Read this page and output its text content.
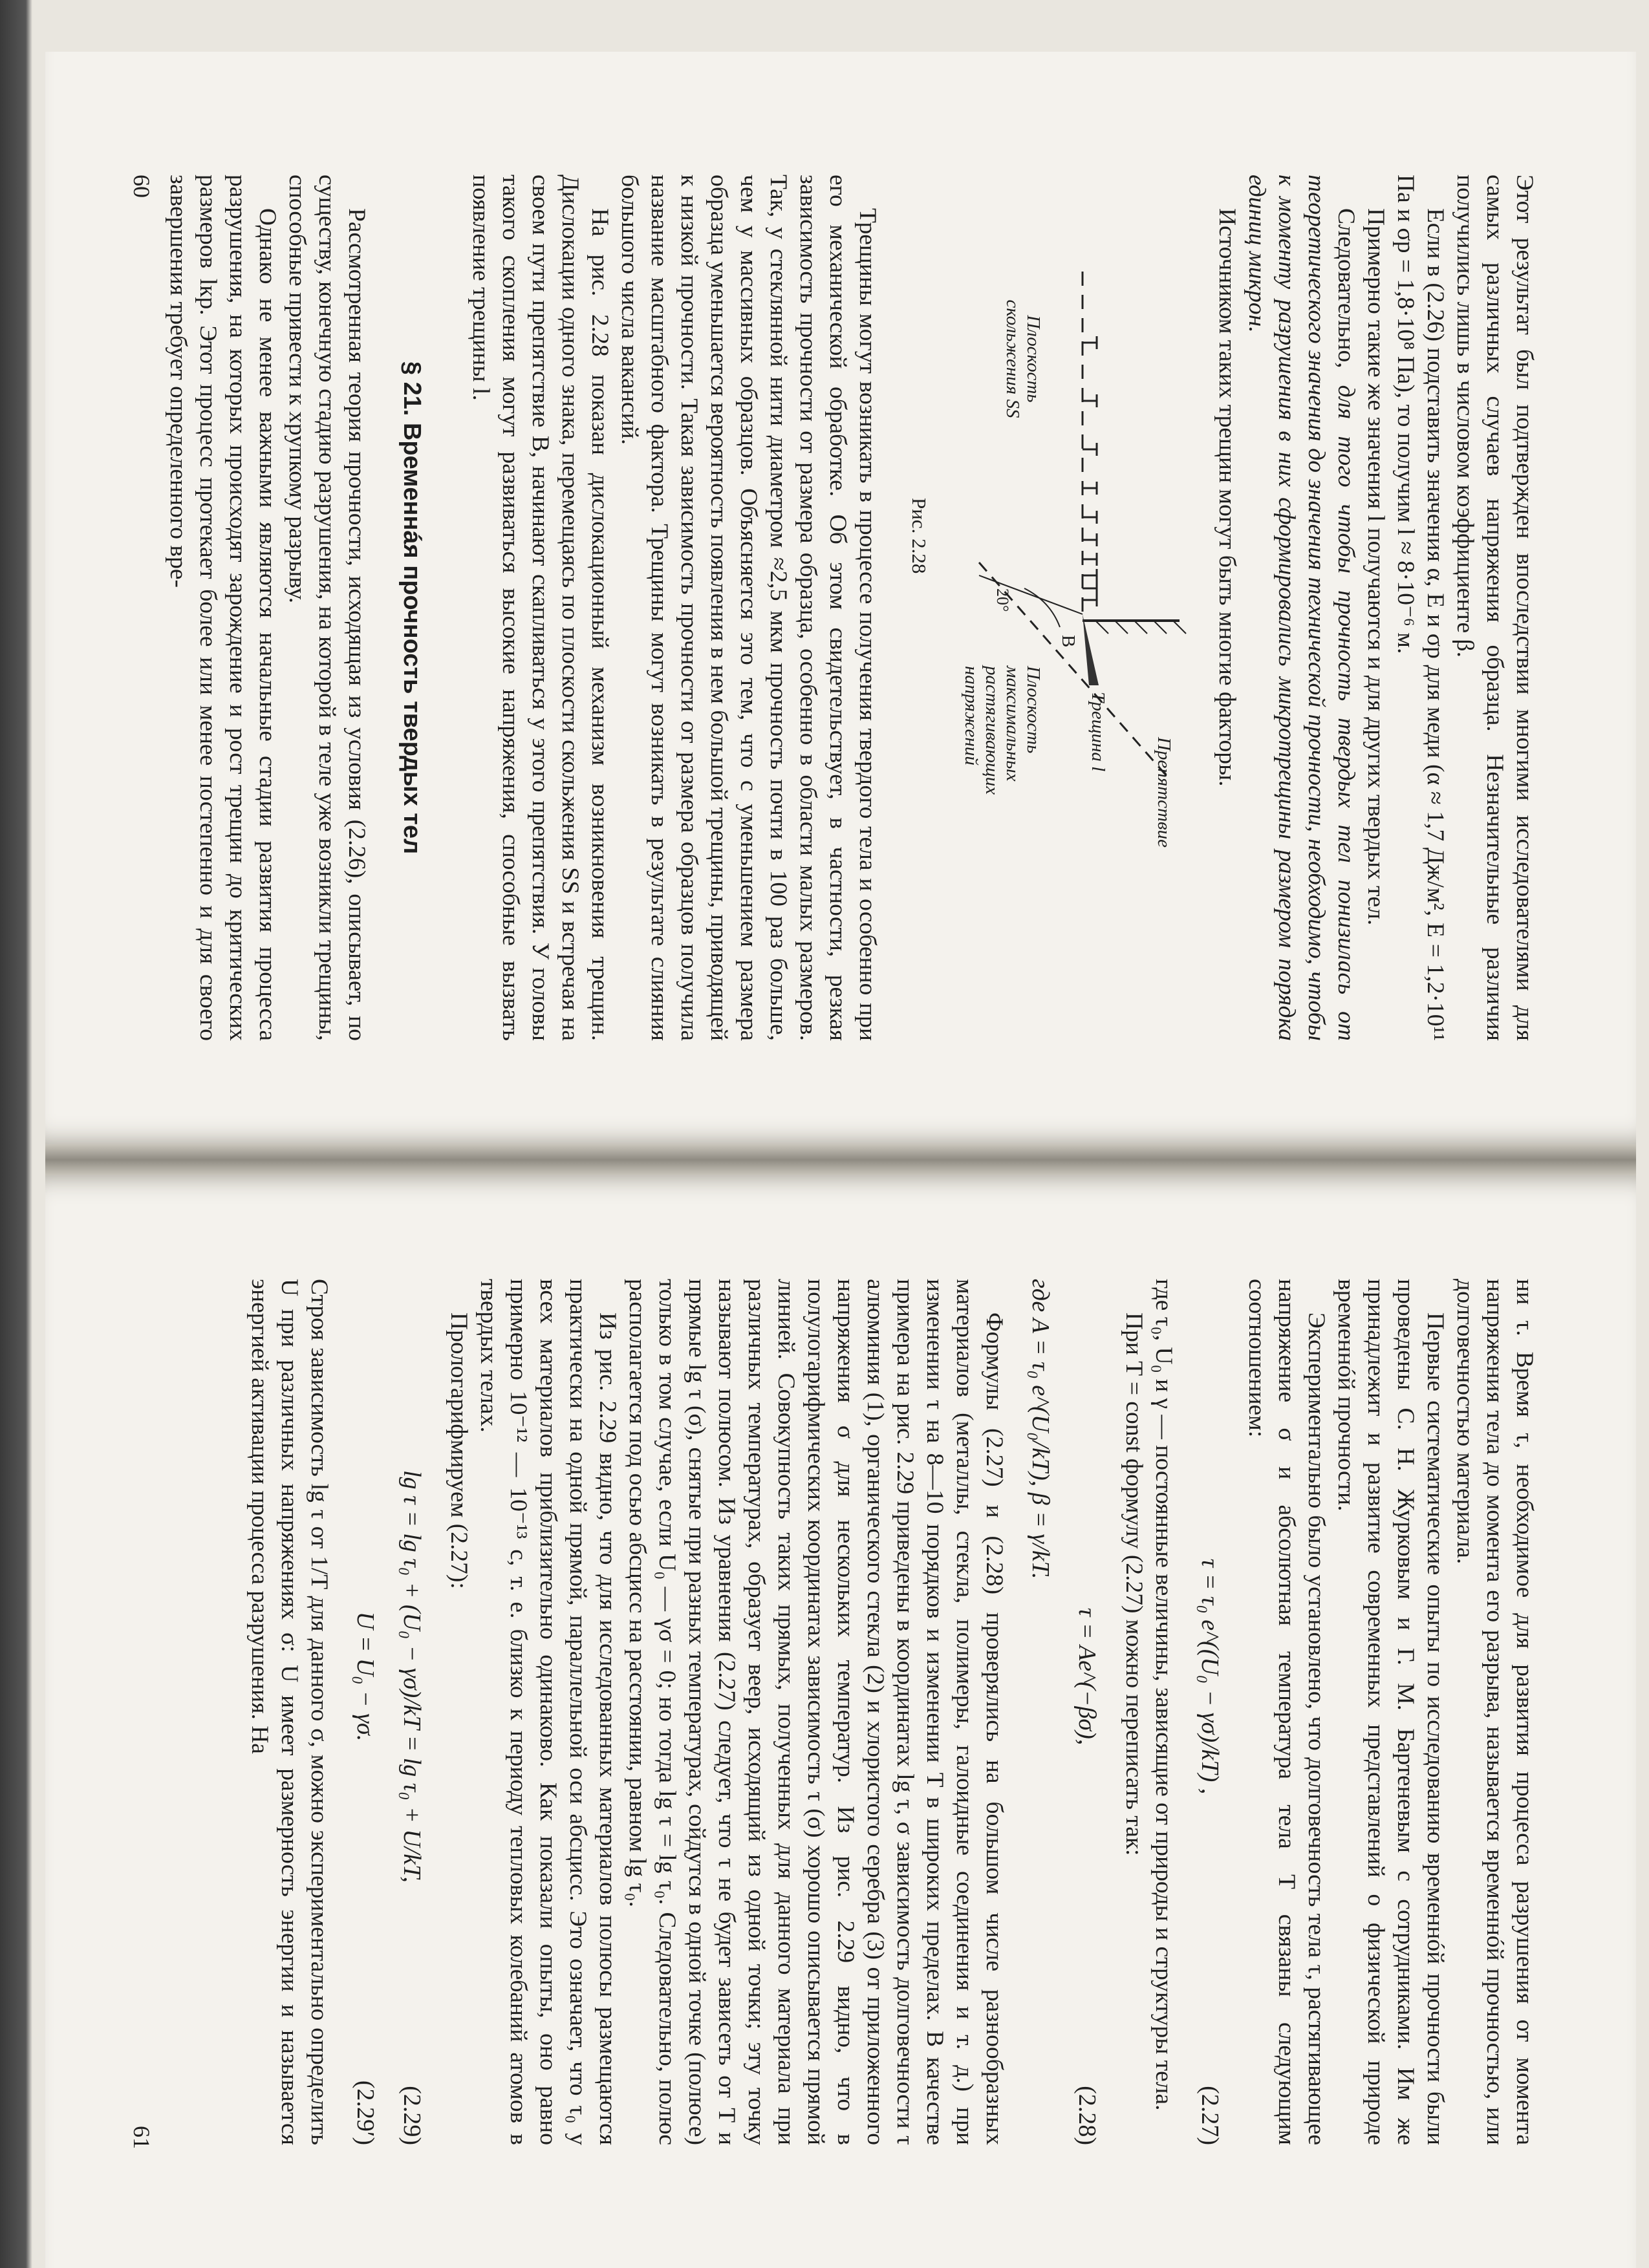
Этот результат был подтвержден впоследствии многими исследователями для самых различных случаев напряжения образца. Незначительные различия получились лишь в числовом коэффициенте β.

Если в (2.26) подставить значения α, E и σр для меди (α ≈ 1,7 Дж/м², E = 1,2·10¹¹ Па и σр = 1,8·10⁸ Па), то получим l ≈ 8·10⁻⁶ м.

Примерно такие же значения l получаются и для других твердых тел.

Следовательно, для того чтобы прочность твердых тел понизилась от теоретического значения до значения технической прочности, необходимо, чтобы к моменту разрушения в них сформировались микротрещины размером порядка единиц микрон.

Источником таких трещин могут быть многие факторы.

Препятствие
Трещина l
B
20°
Плоскость скольжения SS
Плоскость максимальных растягивающих напряжений
Рис. 2.28

Трещины могут возникать в процессе получения твердого тела и особенно при его механической обработке. Об этом свидетельствует, в частности, резкая зависимость прочности от размера образца, особенно в области малых размеров. Так, у стеклянной нити диаметром ≈2,5 мкм прочность почти в 100 раз больше, чем у массивных образцов. Объясняется это тем, что с уменьшением размера образца уменьшается вероятность появления в нем большой трещины, приводящей к низкой прочности. Такая зависимость прочности от размера образцов получила название масштабного фактора. Трещины могут возникать в результате слияния большого числа вакансий.

На рис. 2.28 показан дислокационный механизм возникновения трещин. Дислокации одного знака, перемещаясь по плоскости скольжения SS и встречая на своем пути препятствие B, начинают скапливаться у этого препятствия. У головы такого скопления могут развиваться высокие напряжения, способные вызвать появление трещины l.

§ 21. Временнáя прочность твердых тел

Рассмотренная теория прочности, исходящая из условия (2.26), описывает, по существу, конечную стадию разрушения, на которой в теле уже возникли трещины, способные привести к хрупкому разрыву.

Однако не менее важными являются начальные стадии развития процесса разрушения, на которых происходят зарождение и рост трещин до критических размеров lкр. Этот процесс протекает более или менее постепенно и для своего завершения требует определенного вре-

60

ни τ. Время τ, необходимое для развития процесса разрушения от момента напряжения тела до момента его разрыва, называется временнóй прочностью, или долговечностью материала.

Первые систематические опыты по исследованию временнóй прочности были проведены С. Н. Журковым и Г. М. Бартеневым с сотрудниками. Им же принадлежит и развитие современных представлений о физической природе временнóй прочности.

Экспериментально было установлено, что долговечность тела τ, растягивающее напряжение σ и абсолютная температура тела T связаны следующим соотношением:

τ = τ₀ e^((U₀ − γσ)/kT) ,
(2.27)

где τ₀, U₀ и γ — постоянные величины, зависящие от природы и структуры тела.

При T = const формулу (2.27) можно переписать так:

τ = Ae^(−βσ),
(2.28)
где A = τ₀ e^(U₀/kT), β = γ/kT.

Формулы (2.27) и (2.28) проверялись на большом числе разнообразных материалов (металлы, стекла, полимеры, галоидные соединения и т. д.) при изменении τ на 8—10 порядков и изменении T в широких пределах. В качестве примера на рис. 2.29 приведены в координатах lg τ, σ зависимость долговечности τ алюминия (1), органического стекла (2) и хлористого серебра (3) от приложенного напряжения σ для нескольких температур. Из рис. 2.29 видно, что в полулогарифмических координатах зависимость τ (σ) хорошо описывается прямой линией. Совокупность таких прямых, полученных для данного материала при различных температурах, образует веер, исходящий из одной точки; эту точку называют полюсом. Из уравнения (2.27) следует, что τ не будет зависеть от T и прямые lg τ (σ), снятые при разных температурах, сойдутся в одной точке (полюсе) только в том случае, если U₀ — γσ = 0; но тогда lg τ = lg τ₀. Следовательно, полюс располагается под осью абсцисс на расстоянии, равном lg τ₀.

Из рис. 2.29 видно, что для исследованных материалов полюсы размещаются практически на одной прямой, параллельной оси абсцисс. Это означает, что τ₀ у всех материалов приблизительно одинаково. Как показали опыты, оно равно примерно 10⁻¹² — 10⁻¹³ с, т. е. близко к периоду тепловых колебаний атомов в твердых телах.

Прологарифмируем (2.27):

lg τ = lg τ₀ + (U₀ − γσ)/kT = lg τ₀ + U/kT,
(2.29)
U = U₀ − γσ.
(2.29′)

Строя зависимость lg τ от 1/T для данного σ, можно экспериментально определить U при различных напряжениях σ: U имеет размерность энергии и называется энергией активации процесса разрушения. На

61
